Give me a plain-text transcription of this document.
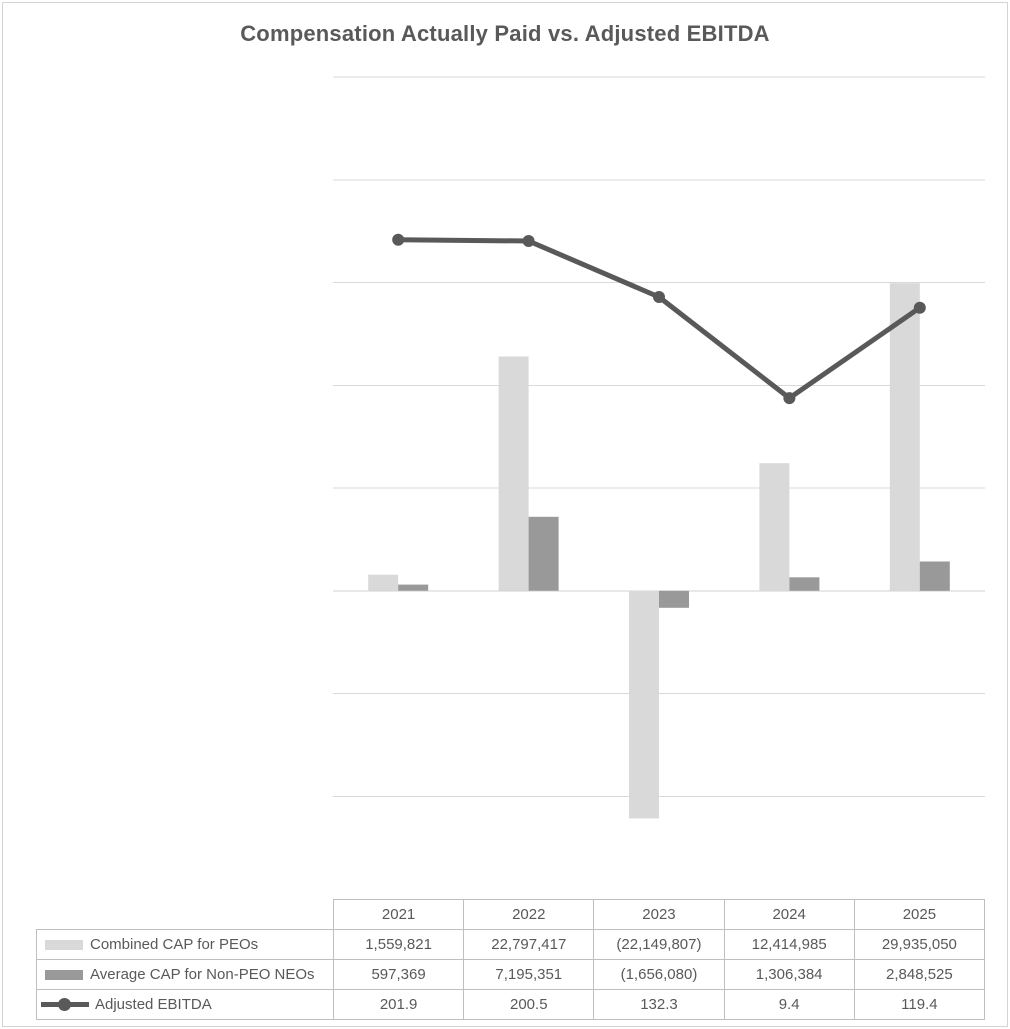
Compensation Actually Paid vs. Adjusted EBITDA
	2021	2022	2023	2024	2025

Combined CAP for PEOs	1,559,821	22,797,417	(22,149,807)	12,414,985	29,935,050

Average CAP for Non-PEO NEOs	597,369	7,195,351	(1,656,080)	1,306,384	2,848,525

Adjusted EBITDA	201.9	200.5	132.3	9.4	119.4
